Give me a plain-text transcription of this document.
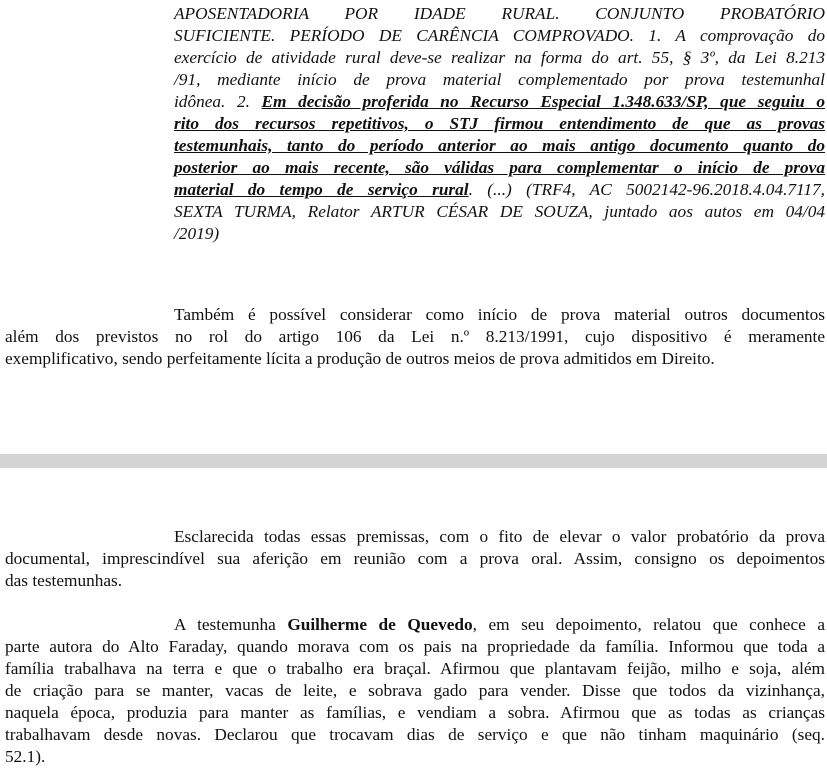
APOSENTADORIA POR IDADE RURAL. CONJUNTO PROBATÓRIO
SUFICIENTE. PERÍODO DE CARÊNCIA COMPROVADO. 1. A comprovação do
exercício de atividade rural deve-se realizar na forma do art. 55, § 3º, da Lei 8.213
/91, mediante início de prova material complementado por prova testemunhal
idônea. 2. Em decisão proferida no Recurso Especial 1.348.633/SP, que seguiu o
rito dos recursos repetitivos, o STJ firmou entendimento de que as provas
testemunhais, tanto do período anterior ao mais antigo documento quanto do
posterior ao mais recente, são válidas para complementar o início de prova
material do tempo de serviço rural. (...) (TRF4, AC 5002142-96.2018.4.04.7117,
SEXTA TURMA, Relator ARTUR CÉSAR DE SOUZA, juntado aos autos em 04/04
/2019)
Também é possível considerar como início de prova material outros documentos
além dos previstos no rol do artigo 106 da Lei n.º 8.213/1991, cujo dispositivo é meramente
exemplificativo, sendo perfeitamente lícita a produção de outros meios de prova admitidos em Direito.
Esclarecida todas essas premissas, com o fito de elevar o valor probatório da prova
documental, imprescindível sua aferição em reunião com a prova oral. Assim, consigno os depoimentos
das testemunhas.
A testemunha Guilherme de Quevedo, em seu depoimento, relatou que conhece a
parte autora do Alto Faraday, quando morava com os pais na propriedade da família. Informou que toda a
família trabalhava na terra e que o trabalho era braçal. Afirmou que plantavam feijão, milho e soja, além
de criação para se manter, vacas de leite, e sobrava gado para vender. Disse que todos da vizinhança,
naquela época, produzia para manter as famílias, e vendiam a sobra. Afirmou que as todas as crianças
trabalhavam desde novas. Declarou que trocavam dias de serviço e que não tinham maquinário (seq.
52.1).
